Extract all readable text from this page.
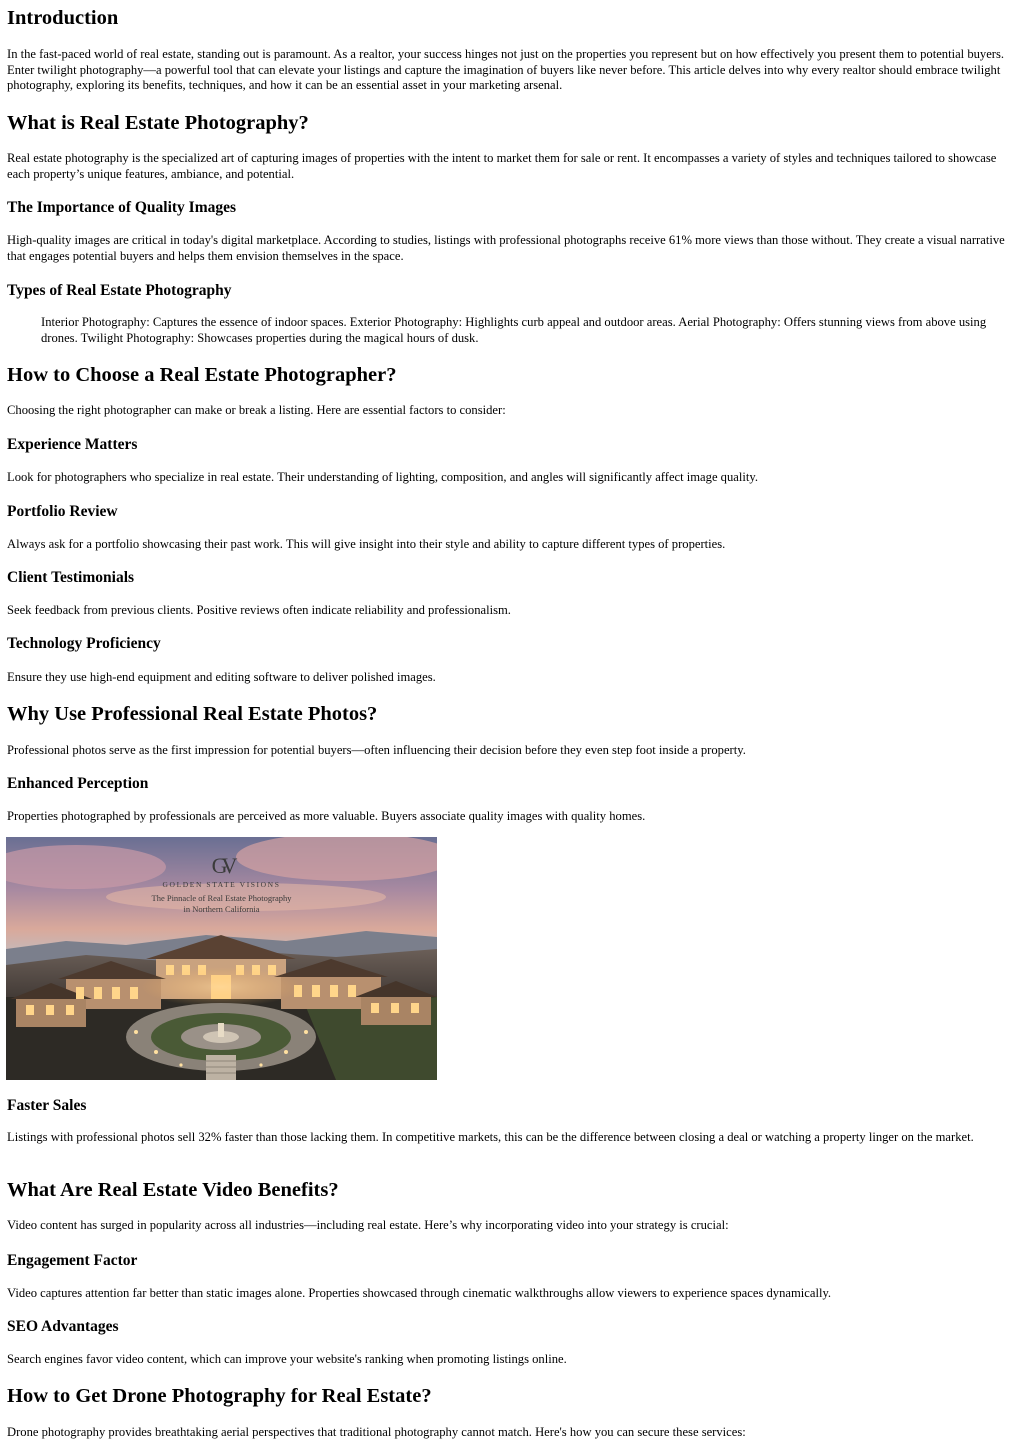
Introduction

In the fast-paced world of real estate, standing out is paramount. As a realtor, your success hinges not just on the properties you represent but on how effectively you present them to potential buyers. Enter twilight photography—a powerful tool that can elevate your listings and capture the imagination of buyers like never before. This article delves into why every realtor should embrace twilight photography, exploring its benefits, techniques, and how it can be an essential asset in your marketing arsenal.

What is Real Estate Photography?

Real estate photography is the specialized art of capturing images of properties with the intent to market them for sale or rent. It encompasses a variety of styles and techniques tailored to showcase each property’s unique features, ambiance, and potential.

The Importance of Quality Images

High-quality images are critical in today's digital marketplace. According to studies, listings with professional photographs receive 61% more views than those without. They create a visual narrative that engages potential buyers and helps them envision themselves in the space.

Types of Real Estate Photography

Interior Photography: Captures the essence of indoor spaces. Exterior Photography: Highlights curb appeal and outdoor areas. Aerial Photography: Offers stunning views from above using drones. Twilight Photography: Showcases properties during the magical hours of dusk.

How to Choose a Real Estate Photographer?

Choosing the right photographer can make or break a listing. Here are essential factors to consider:

Experience Matters

Look for photographers who specialize in real estate. Their understanding of lighting, composition, and angles will significantly affect image quality.

Portfolio Review

Always ask for a portfolio showcasing their past work. This will give insight into their style and ability to capture different types of properties.

Client Testimonials

Seek feedback from previous clients. Positive reviews often indicate reliability and professionalism.

Technology Proficiency

Ensure they use high-end equipment and editing software to deliver polished images.

Why Use Professional Real Estate Photos?

Professional photos serve as the first impression for potential buyers—often influencing their decision before they even step foot inside a property.

Enhanced Perception

Properties photographed by professionals are perceived as more valuable. Buyers associate quality images with quality homes.

GV
GOLDEN STATE VISIONS
The Pinnacle of Real Estate Photography
in Northern California
Faster Sales

Listings with professional photos sell 32% faster than those lacking them. In competitive markets, this can be the difference between closing a deal or watching a property linger on the market.

What Are Real Estate Video Benefits?

Video content has surged in popularity across all industries—including real estate. Here’s why incorporating video into your strategy is crucial:

Engagement Factor

Video captures attention far better than static images alone. Properties showcased through cinematic walkthroughs allow viewers to experience spaces dynamically.

SEO Advantages

Search engines favor video content, which can improve your website's ranking when promoting listings online.

How to Get Drone Photography for Real Estate?

Drone photography provides breathtaking aerial perspectives that traditional photography cannot match. Here's how you can secure these services:
